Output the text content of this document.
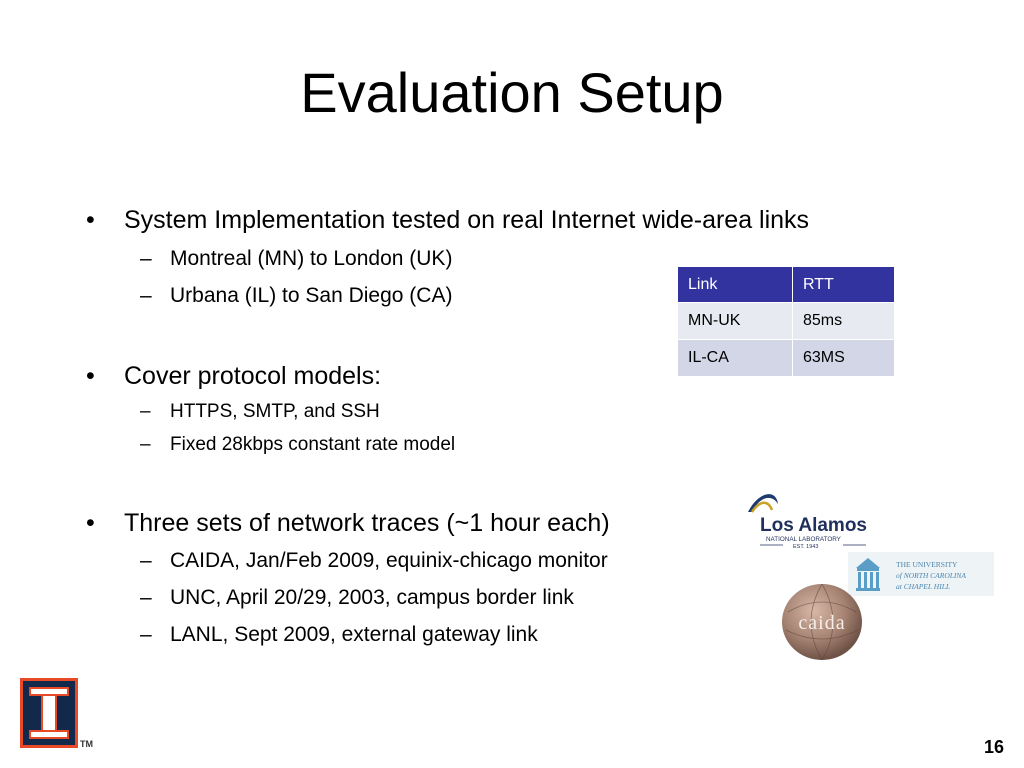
Evaluation Setup
• System Implementation tested on real Internet wide-area links
– Montreal (MN) to London (UK)
– Urbana (IL) to San Diego (CA)
• Cover protocol models:
– HTTPS, SMTP, and SSH
– Fixed 28kbps constant rate model
• Three sets of network traces (~1 hour each)
– CAIDA, Jan/Feb 2009, equinix-chicago monitor
– UNC, April 20/29, 2003, campus border link
– LANL, Sept 2009, external gateway link
Link	RTT
MN-UK	85ms
IL-CA	63MS
Los Alamos
NATIONAL LABORATORY
EST. 1943
THE UNIVERSITY
of NORTH CAROLINA
at CHAPEL HILL
caida
TM	16
